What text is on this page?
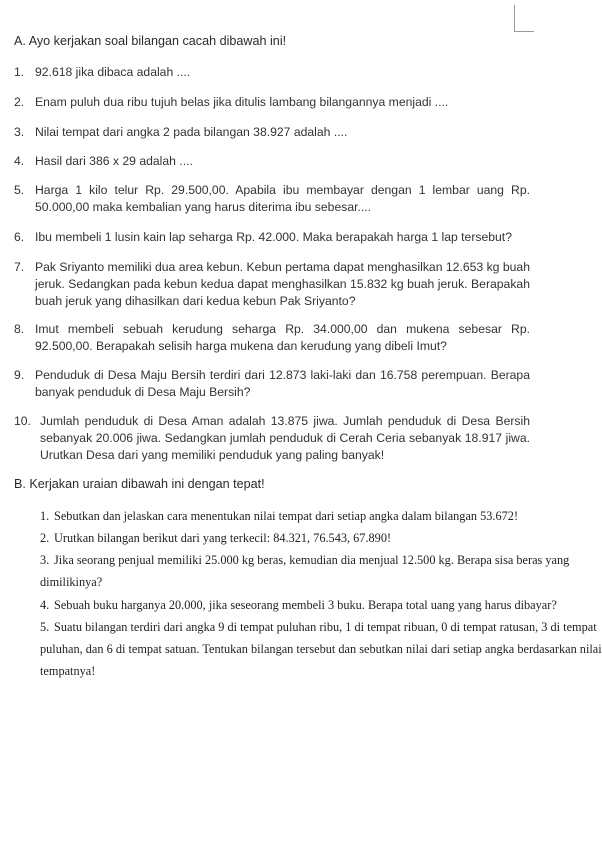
A. Ayo kerjakan soal bilangan cacah dibawah ini!
1. 92.618 jika dibaca adalah ....
2. Enam puluh dua ribu tujuh belas jika ditulis lambang bilangannya menjadi ....
3. Nilai tempat dari angka 2 pada bilangan 38.927 adalah ....
4. Hasil dari 386 x 29 adalah ....
5. Harga 1 kilo telur Rp. 29.500,00. Apabila ibu membayar dengan 1 lembar uang Rp. 50.000,00 maka kembalian yang harus diterima ibu sebesar....
6. Ibu membeli 1 lusin kain lap seharga Rp. 42.000. Maka berapakah harga 1 lap tersebut?
7. Pak Sriyanto memiliki dua area kebun. Kebun pertama dapat menghasilkan 12.653 kg buah jeruk. Sedangkan pada kebun kedua dapat menghasilkan 15.832 kg buah jeruk. Berapakah buah jeruk yang dihasilkan dari kedua kebun Pak Sriyanto?
8. Imut membeli sebuah kerudung seharga Rp. 34.000,00 dan mukena sebesar Rp. 92.500,00. Berapakah selisih harga mukena dan kerudung yang dibeli Imut?
9. Penduduk di Desa Maju Bersih terdiri dari 12.873 laki-laki dan 16.758 perempuan. Berapa banyak penduduk di Desa Maju Bersih?
10. Jumlah penduduk di Desa Aman adalah 13.875 jiwa. Jumlah penduduk di Desa Bersih sebanyak 20.006 jiwa. Sedangkan jumlah penduduk di Cerah Ceria sebanyak 18.917 jiwa. Urutkan Desa dari yang memiliki penduduk yang paling banyak!
B. Kerjakan uraian dibawah ini dengan tepat!
1. Sebutkan dan jelaskan cara menentukan nilai tempat dari setiap angka dalam bilangan 53.672!
2. Urutkan bilangan berikut dari yang terkecil: 84.321, 76.543, 67.890!
3. Jika seorang penjual memiliki 25.000 kg beras, kemudian dia menjual 12.500 kg. Berapa sisa beras yang
dimilikinya?
4. Sebuah buku harganya 20.000, jika seseorang membeli 3 buku. Berapa total uang yang harus dibayar?
5. Suatu bilangan terdiri dari angka 9 di tempat puluhan ribu, 1 di tempat ribuan, 0 di tempat ratusan, 3 di tempat
puluhan, dan 6 di tempat satuan. Tentukan bilangan tersebut dan sebutkan nilai dari setiap angka berdasarkan nilai
tempatnya!
